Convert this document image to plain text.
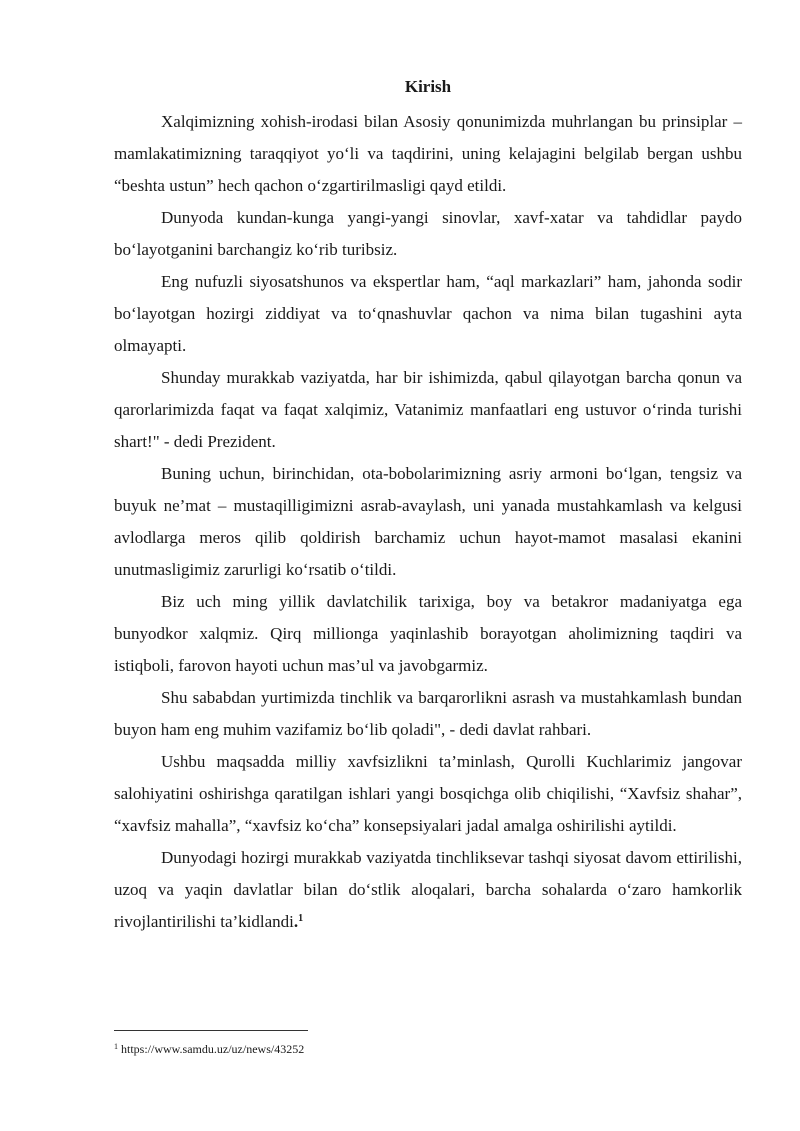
Kirish

Xalqimizning xohish-irodasi bilan Asosiy qonunimizda muhrlangan bu prinsiplar – mamlakatimizning taraqqiyot yoʻli va taqdirini, uning kelajagini belgilab bergan ushbu “beshta ustun” hech qachon oʻzgartirilmasligi qayd etildi.

Dunyoda kundan-kunga yangi-yangi sinovlar, xavf-xatar va tahdidlar paydo boʻlayotganini barchangiz koʻrib turibsiz.

Eng nufuzli siyosatshunos va ekspertlar ham, “aql markazlari” ham, jahonda sodir boʻlayotgan hozirgi ziddiyat va toʻqnashuvlar qachon va nima bilan tugashini ayta olmayapti.

Shunday murakkab vaziyatda, har bir ishimizda, qabul qilayotgan barcha qonun va qarorlarimizda faqat va faqat xalqimiz, Vatanimiz manfaatlari eng ustuvor oʻrinda turishi shart!" - dedi Prezident.

Buning uchun, birinchidan, ota-bobolarimizning asriy armoni boʻlgan, tengsiz va buyuk ne’mat – mustaqilligimizni asrab-avaylash, uni yanada mustahkamlash va kelgusi avlodlarga meros qilib qoldirish barchamiz uchun hayot-mamot masalasi ekanini unutmasligimiz zarurligi koʻrsatib oʻtildi.

Biz uch ming yillik davlatchilik tarixiga, boy va betakror madaniyatga ega bunyodkor xalqmiz. Qirq millionga yaqinlashib borayotgan aholimizning taqdiri va istiqboli, farovon hayoti uchun mas’ul va javobgarmiz.

Shu sababdan yurtimizda tinchlik va barqarorlikni asrash va mustahkamlash bundan buyon ham eng muhim vazifamiz boʻlib qoladi", - dedi davlat rahbari.

Ushbu maqsadda milliy xavfsizlikni ta’minlash, Qurolli Kuchlarimiz jangovar salohiyatini oshirishga qaratilgan ishlari yangi bosqichga olib chiqilishi, “Xavfsiz shahar”, “xavfsiz mahalla”, “xavfsiz koʻcha” konsepsiyalari jadal amalga oshirilishi aytildi.

Dunyodagi hozirgi murakkab vaziyatda tinchliksevar tashqi siyosat davom ettirilishi, uzoq va yaqin davlatlar bilan doʻstlik aloqalari, barcha sohalarda oʻzaro hamkorlik rivojlantirilishi ta’kidlandi.$^1$

$^1$ https://www.samdu.uz/uz/news/43252
